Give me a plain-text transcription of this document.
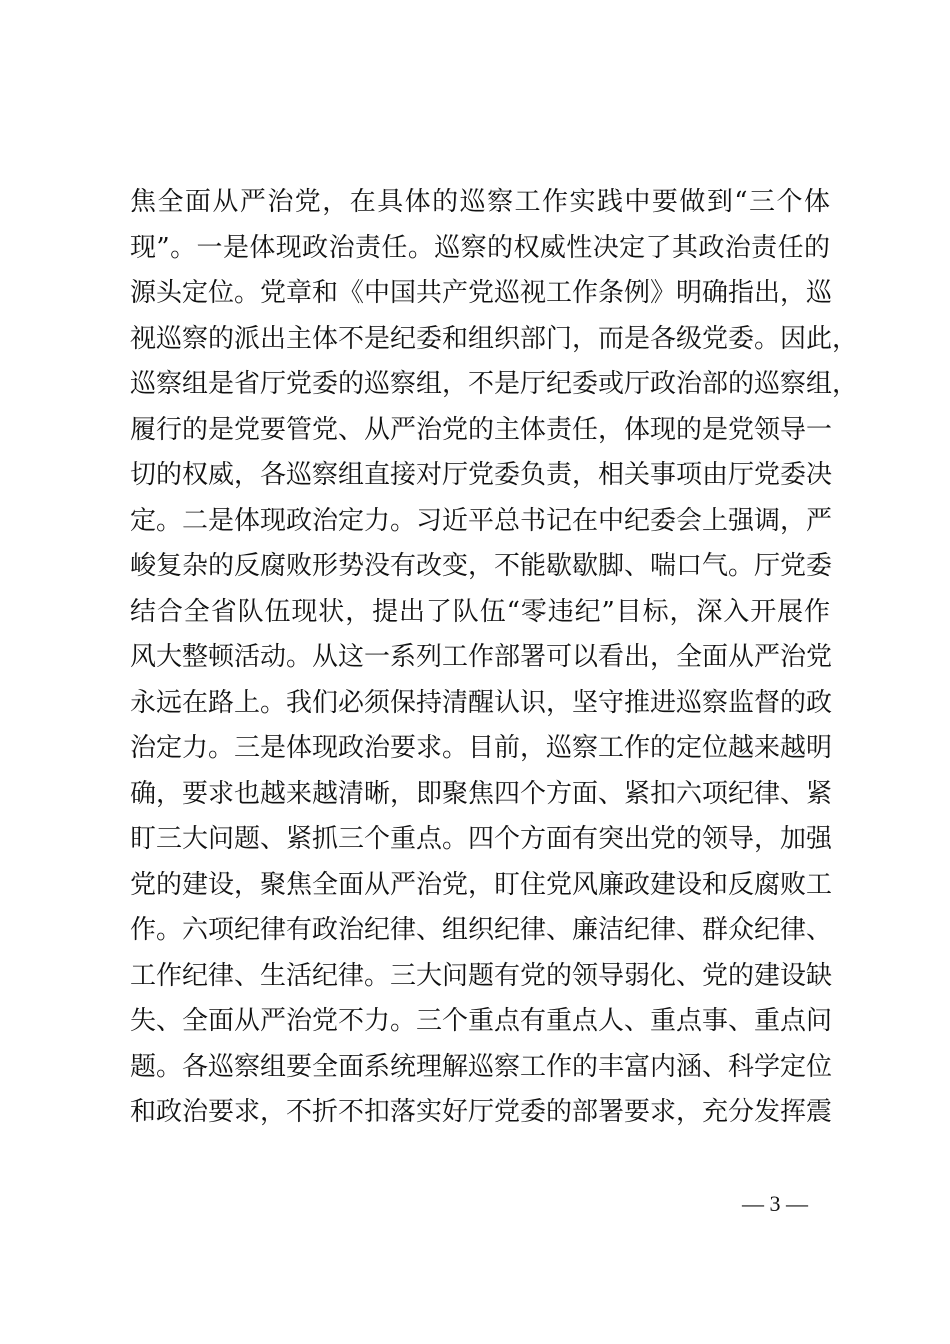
焦全面从严治党，在具体的巡察工作实践中要做到“三个体
现”。一是体现政治责任。巡察的权威性决定了其政治责任的
源头定位。党章和《中国共产党巡视工作条例》明确指出，巡
视巡察的派出主体不是纪委和组织部门，而是各级党委。因此，
巡察组是省厅党委的巡察组，不是厅纪委或厅政治部的巡察组，
履行的是党要管党、从严治党的主体责任，体现的是党领导一
切的权威，各巡察组直接对厅党委负责，相关事项由厅党委决
定。二是体现政治定力。习近平总书记在中纪委会上强调，严
峻复杂的反腐败形势没有改变，不能歇歇脚、喘口气。厅党委
结合全省队伍现状，提出了队伍“零违纪”目标，深入开展作
风大整顿活动。从这一系列工作部署可以看出，全面从严治党
永远在路上。我们必须保持清醒认识，坚守推进巡察监督的政
治定力。三是体现政治要求。目前，巡察工作的定位越来越明
确，要求也越来越清晰，即聚焦四个方面、紧扣六项纪律、紧
盯三大问题、紧抓三个重点。四个方面有突出党的领导，加强
党的建设，聚焦全面从严治党，盯住党风廉政建设和反腐败工
作。六项纪律有政治纪律、组织纪律、廉洁纪律、群众纪律、
工作纪律、生活纪律。三大问题有党的领导弱化、党的建设缺
失、全面从严治党不力。三个重点有重点人、重点事、重点问
题。各巡察组要全面系统理解巡察工作的丰富内涵、科学定位
和政治要求，不折不扣落实好厅党委的部署要求，充分发挥震
— 3 —
